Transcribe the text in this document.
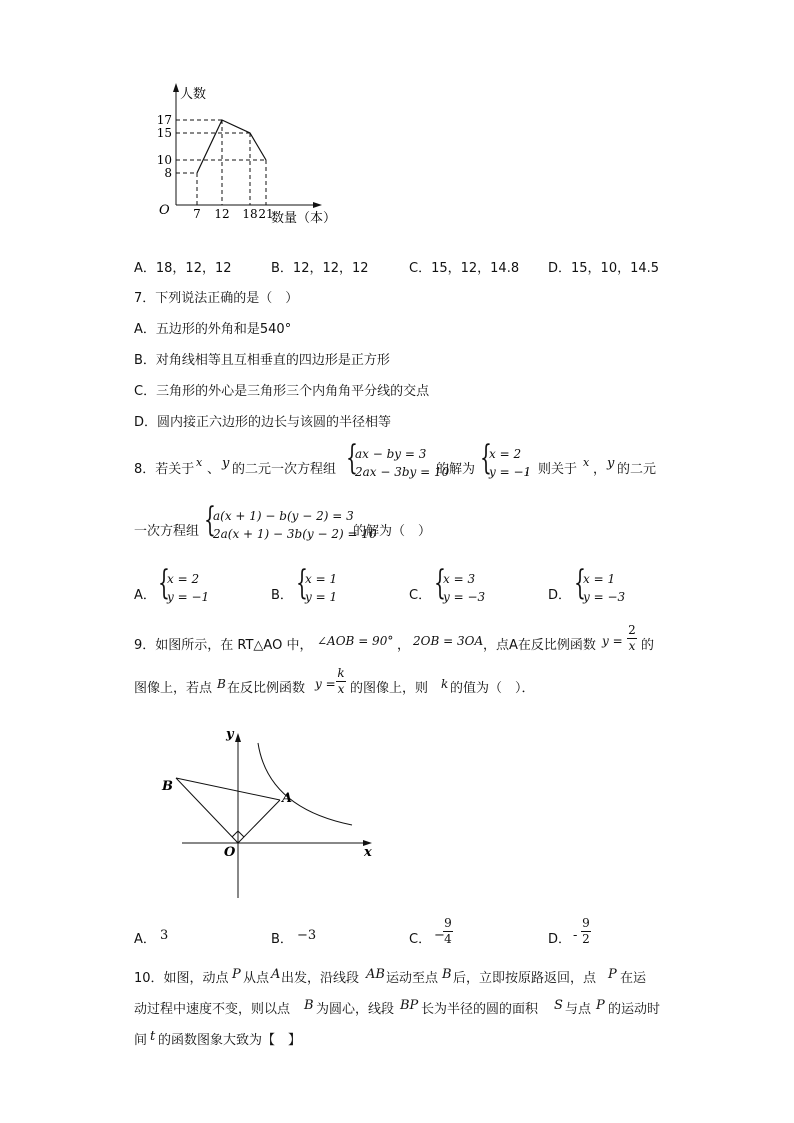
17
15
10
8
7 12 18 21
人数
数量（本）
O
A．18，12，12	B．12，12，12	C．15，12，14.8 D．15，10，14.5
7．下列说法正确的是（　）
A．五边形的外角和是540°
B．对角线相等且互相垂直的四边形是正方形
C．三角形的外心是三角形三个内角角平分线的交点
D．圆内接正六边形的边长与该圆的半径相等
8．若关于 x 、 y 的二元一次方程组 {
ax − by = 3
2ax − 3by = 10
的解为 {
x = 2
y = −1
，则关于 x ， y 的二元
一次方程组 {
a(x + 1) − b(y − 2) = 3
2a(x + 1) − 3b(y − 2) = 10
的解为（　）
A． {
x = 2
y = −1	B． {
x = 1
y = 1	C． {
x = 3
y = −3	D． {
x = 1
y = −3
9．如图所示，在 RT△AO 中， ∠AOB = 90° ， 2OB = 3OA ，点A在反比例函数 y =
2
x 的
图像上，若点 B 在反比例函数 y =
k
x 的图像上，则 k 的值为（　）．
y
x
O
A
B
A． 3	B． −3	C． −
9
4	D． -
9
2
10．如图，动点 P 从点 A 出发，沿线段 AB 运动至点 B 后，立即按原路返回，点 P 在运
动过程中速度不变，则以点 B 为圆心，线段 BP 长为半径的圆的面积 S 与点 P 的运动时
间 t 的函数图象大致为【　】
